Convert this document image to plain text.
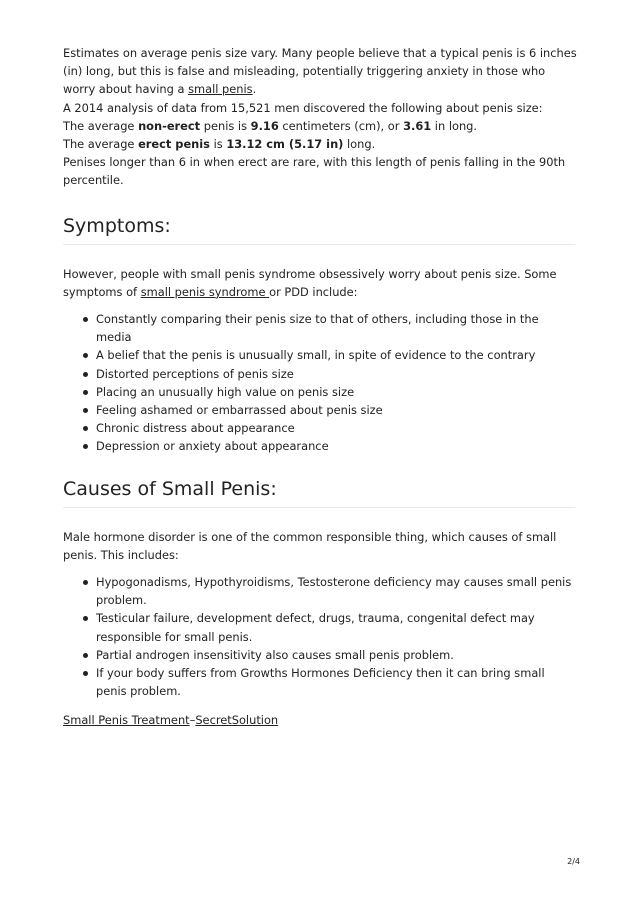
Estimates on average penis size vary. Many people believe that a typical penis is 6 inches
(in) long, but this is false and misleading, potentially triggering anxiety in those who
worry about having a small penis.
A 2014 analysis of data from 15,521 men discovered the following about penis size:
The average non-erect penis is 9.16 centimeters (cm), or 3.61 in long.
The average erect penis is 13.12 cm (5.17 in) long.
Penises longer than 6 in when erect are rare, with this length of penis falling in the 90th
percentile.

Symptoms:

However, people with small penis syndrome obsessively worry about penis size. Some
symptoms of small penis syndrome or PDD include:

Constantly comparing their penis size to that of others, including those in the
media
A belief that the penis is unusually small, in spite of evidence to the contrary
Distorted perceptions of penis size
Placing an unusually high value on penis size
Feeling ashamed or embarrassed about penis size
Chronic distress about appearance
Depression or anxiety about appearance
Causes of Small Penis:

Male hormone disorder is one of the common responsible thing, which causes of small
penis. This includes:

Hypogonadisms, Hypothyroidisms, Testosterone deficiency may causes small penis
problem.
Testicular failure, development defect, drugs, trauma, congenital defect may
responsible for small penis.
Partial androgen insensitivity also causes small penis problem.
If your body suffers from Growths Hormones Deficiency then it can bring small
penis problem.

Small Penis Treatment–SecretSolution

2/4
